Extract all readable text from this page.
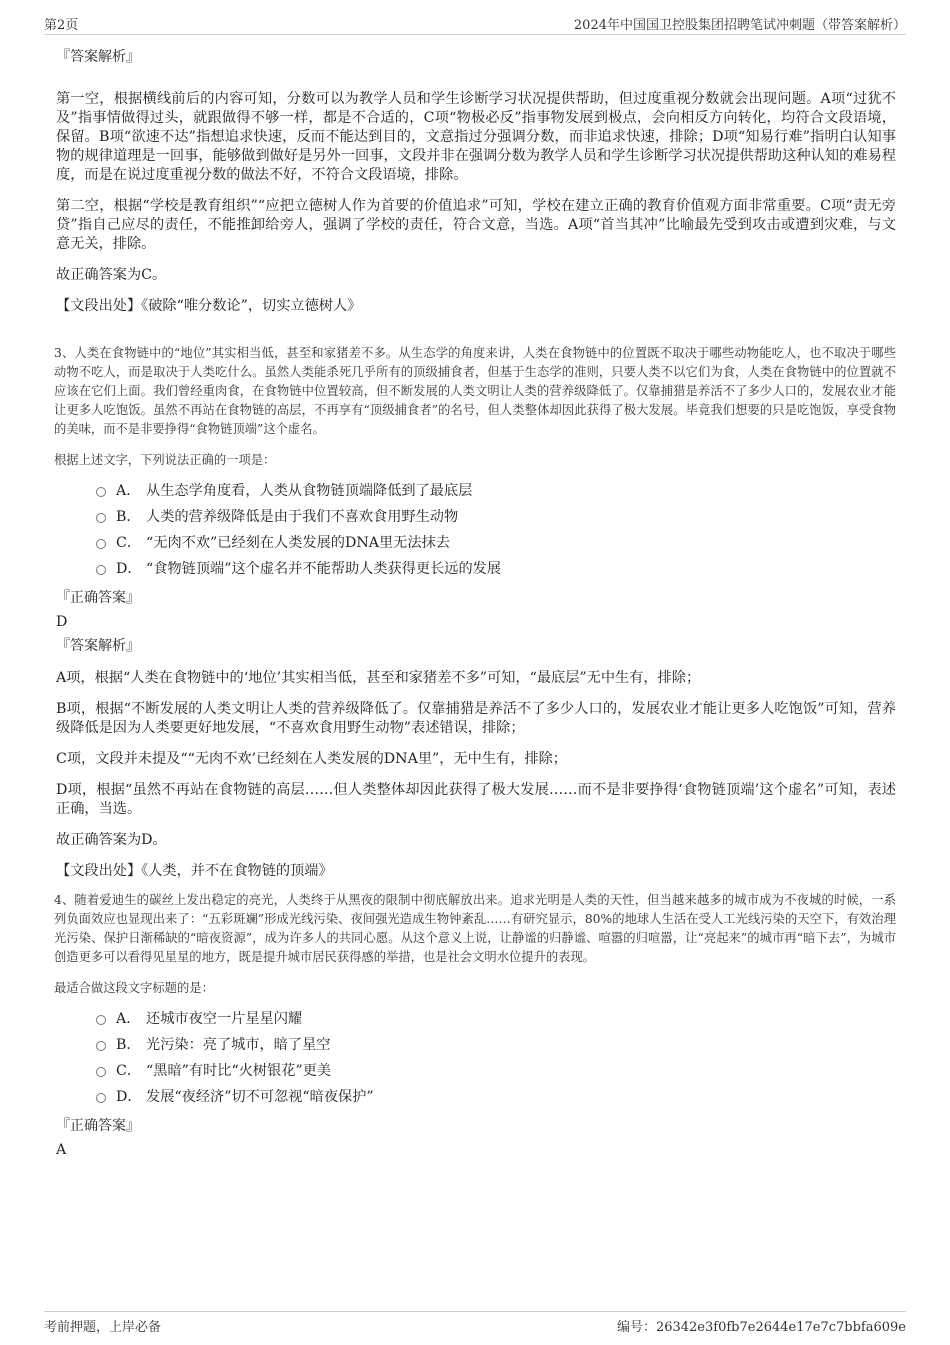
第2页	2024年中国国卫控股集团招聘笔试冲刺题（带答案解析）
『答案解析』

第一空，根据横线前后的内容可知，分数可以为教学人员和学生诊断学习状况提供帮助，但过度重视分数就会出现问题。A项“过犹不及”指事情做得过头，就跟做得不够一样，都是不合适的，C项“物极必反”指事物发展到极点，会向相反方向转化，均符合文段语境，保留。B项“欲速不达”指想追求快速，反而不能达到目的，文意指过分强调分数，而非追求快速，排除；D项“知易行难”指明白认知事物的规律道理是一回事，能够做到做好是另外一回事，文段并非在强调分数为教学人员和学生诊断学习状况提供帮助这种认知的难易程度，而是在说过度重视分数的做法不好，不符合文段语境，排除。

第二空，根据“学校是教育组织”“应把立德树人作为首要的价值追求”可知，学校在建立正确的教育价值观方面非常重要。C项“责无旁贷”指自己应尽的责任，不能推卸给旁人，强调了学校的责任，符合文意，当选。A项“首当其冲”比喻最先受到攻击或遭到灾难，与文意无关，排除。

故正确答案为C。

【文段出处】《破除“唯分数论”，切实立德树人》

3、人类在食物链中的“地位”其实相当低，甚至和家猪差不多。从生态学的角度来讲，人类在食物链中的位置既不取决于哪些动物能吃人，也不取决于哪些动物不吃人，而是取决于人类吃什么。虽然人类能杀死几乎所有的顶级捕食者，但基于生态学的准则，只要人类不以它们为食，人类在食物链中的位置就不应该在它们上面。我们曾经重肉食，在食物链中位置较高，但不断发展的人类文明让人类的营养级降低了。仅靠捕猎是养活不了多少人口的，发展农业才能让更多人吃饱饭。虽然不再站在食物链的高层，不再享有“顶级捕食者”的名号，但人类整体却因此获得了极大发展。毕竟我们想要的只是吃饱饭，享受食物的美味，而不是非要挣得“食物链顶端”这个虚名。

根据上述文字，下列说法正确的一项是：

A． 从生态学角度看，人类从食物链顶端降低到了最底层
B． 人类的营养级降低是由于我们不喜欢食用野生动物
C． “无肉不欢”已经刻在人类发展的DNA里无法抹去
D． “食物链顶端”这个虚名并不能帮助人类获得更长远的发展
『正确答案』
D
『答案解析』

A项，根据“人类在食物链中的‘地位’其实相当低，甚至和家猪差不多”可知，“最底层”无中生有，排除；

B项，根据“不断发展的人类文明让人类的营养级降低了。仅靠捕猎是养活不了多少人口的，发展农业才能让更多人吃饱饭”可知，营养级降低是因为人类要更好地发展，“不喜欢食用野生动物”表述错误，排除；

C项，文段并未提及““无肉不欢’已经刻在人类发展的DNA里”，无中生有，排除；

D项，根据“虽然不再站在食物链的高层……但人类整体却因此获得了极大发展……而不是非要挣得‘食物链顶端’这个虚名”可知，表述正确，当选。

故正确答案为D。

【文段出处】《人类，并不在食物链的顶端》

4、随着爱迪生的碳丝上发出稳定的亮光，人类终于从黑夜的限制中彻底解放出来。追求光明是人类的天性，但当越来越多的城市成为不夜城的时候，一系列负面效应也显现出来了：“五彩斑斓”形成光线污染、夜间强光造成生物钟紊乱……有研究显示，80%的地球人生活在受人工光线污染的天空下，有效治理光污染、保护日渐稀缺的“暗夜资源”，成为许多人的共同心愿。从这个意义上说，让静谧的归静谧、喧嚣的归喧嚣，让“亮起来”的城市再“暗下去”，为城市创造更多可以看得见星星的地方，既是提升城市居民获得感的举措，也是社会文明水位提升的表现。

最适合做这段文字标题的是：

A． 还城市夜空一片星星闪耀
B． 光污染：亮了城市，暗了星空
C． “黑暗”有时比“火树银花”更美
D． 发展“夜经济”切不可忽视“暗夜保护”
『正确答案』
A
考前押题，上岸必备	编号：26342e3f0fb7e2644e17e7c7bbfa609e
